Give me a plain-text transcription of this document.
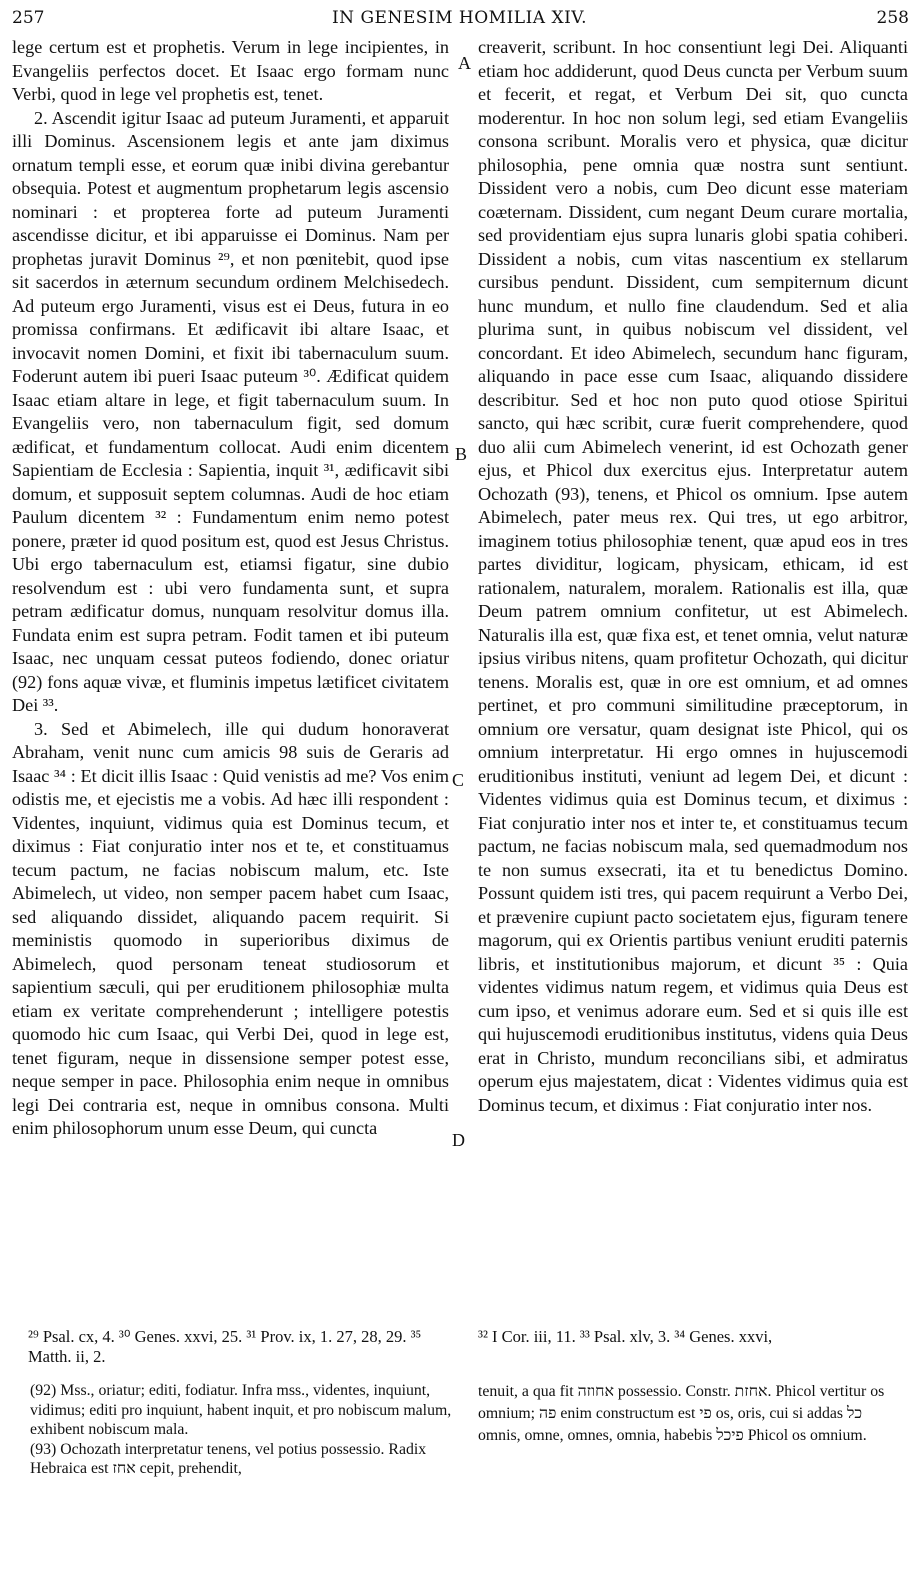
257	IN GENESIM HOMILIA XIV.	258

lege certum est et prophetis. Verum in lege incipientes, in Evangeliis perfectos docet. Et Isaac ergo formam nunc Verbi, quod in lege vel prophetis est, tenet.

2. Ascendit igitur Isaac ad puteum Juramenti, et apparuit illi Dominus. Ascensionem legis et ante jam diximus ornatum templi esse, et eorum quæ inibi divina gerebantur obsequia. Potest et augmentum prophetarum legis ascensio nominari : et propterea forte ad puteum Juramenti ascendisse dicitur, et ibi apparuisse ei Dominus. Nam per prophetas juravit Dominus ²⁹, et non pœnitebit, quod ipse sit sacerdos in æternum secundum ordinem Melchisedech. Ad puteum ergo Juramenti, visus est ei Deus, futura in eo promissa confirmans. Et ædificavit ibi altare Isaac, et invocavit nomen Domini, et fixit ibi tabernaculum suum. Foderunt autem ibi pueri Isaac puteum ³⁰. Ædificat quidem Isaac etiam altare in lege, et figit tabernaculum suum. In Evangeliis vero, non tabernaculum figit, sed domum ædificat, et fundamentum collocat. Audi enim dicentem Sapientiam de Ecclesia : Sapientia, inquit ³¹, ædificavit sibi domum, et supposuit septem columnas. Audi de hoc etiam Paulum dicentem ³² : Fundamentum enim nemo potest ponere, præter id quod positum est, quod est Jesus Christus. Ubi ergo tabernaculum est, etiamsi figatur, sine dubio resolvendum est : ubi vero fundamenta sunt, et supra petram ædificatur domus, nunquam resolvitur domus illa. Fundata enim est supra petram. Fodit tamen et ibi puteum Isaac, nec unquam cessat puteos fodiendo, donec oriatur (92) fons aquæ vivæ, et fluminis impetus lætificet civitatem Dei ³³.

3. Sed et Abimelech, ille qui dudum honoraverat Abraham, venit nunc cum amicis 98 suis de Geraris ad Isaac ³⁴ : Et dicit illis Isaac : Quid venistis ad me? Vos enim odistis me, et ejecistis me a vobis. Ad hæc illi respondent : Videntes, inquiunt, vidimus quia est Dominus tecum, et diximus : Fiat conjuratio inter nos et te, et constituamus tecum pactum, ne facias nobiscum malum, etc. Iste Abimelech, ut video, non semper pacem habet cum Isaac, sed aliquando dissidet, aliquando pacem requirit. Si meministis quomodo in superioribus diximus de Abimelech, quod personam teneat studiosorum et sapientium sæculi, qui per eruditionem philosophiæ multa etiam ex veritate comprehenderunt ; intelligere potestis quomodo hic cum Isaac, qui Verbi Dei, quod in lege est, tenet figuram, neque in dissensione semper potest esse, neque semper in pace. Philosophia enim neque in omnibus legi Dei contraria est, neque in omnibus consona. Multi enim philosophorum unum esse Deum, qui cuncta

A
B
C
D

creaverit, scribunt. In hoc consentiunt legi Dei. Aliquanti etiam hoc addiderunt, quod Deus cuncta per Verbum suum et fecerit, et regat, et Verbum Dei sit, quo cuncta moderentur. In hoc non solum legi, sed etiam Evangeliis consona scribunt. Moralis vero et physica, quæ dicitur philosophia, pene omnia quæ nostra sunt sentiunt. Dissident vero a nobis, cum Deo dicunt esse materiam coæternam. Dissident, cum negant Deum curare mortalia, sed providentiam ejus supra lunaris globi spatia cohiberi. Dissident a nobis, cum vitas nascentium ex stellarum cursibus pendunt. Dissident, cum sempiternum dicunt hunc mundum, et nullo fine claudendum. Sed et alia plurima sunt, in quibus nobiscum vel dissident, vel concordant. Et ideo Abimelech, secundum hanc figuram, aliquando in pace esse cum Isaac, aliquando dissidere describitur. Sed et hoc non puto quod otiose Spiritui sancto, qui hæc scribit, curæ fuerit comprehendere, quod duo alii cum Abimelech venerint, id est Ochozath gener ejus, et Phicol dux exercitus ejus. Interpretatur autem Ochozath (93), tenens, et Phicol os omnium. Ipse autem Abimelech, pater meus rex. Qui tres, ut ego arbitror, imaginem totius philosophiæ tenent, quæ apud eos in tres partes dividitur, logicam, physicam, ethicam, id est rationalem, naturalem, moralem. Rationalis est illa, quæ Deum patrem omnium confitetur, ut est Abimelech. Naturalis illa est, quæ fixa est, et tenet omnia, velut naturæ ipsius viribus nitens, quam profitetur Ochozath, qui dicitur tenens. Moralis est, quæ in ore est omnium, et ad omnes pertinet, et pro communi similitudine præceptorum, in omnium ore versatur, quam designat iste Phicol, qui os omnium interpretatur. Hi ergo omnes in hujuscemodi eruditionibus instituti, veniunt ad legem Dei, et dicunt : Videntes vidimus quia est Dominus tecum, et diximus : Fiat conjuratio inter nos et inter te, et constituamus tecum pactum, ne facias nobiscum mala, sed quemadmodum nos te non sumus exsecrati, ita et tu benedictus Domino. Possunt quidem isti tres, qui pacem requirunt a Verbo Dei, et prævenire cupiunt pacto societatem ejus, figuram tenere magorum, qui ex Orientis partibus veniunt eruditi paternis libris, et institutionibus majorum, et dicunt ³⁵ : Quia videntes vidimus natum regem, et vidimus quia Deus est cum ipso, et venimus adorare eum. Sed et si quis ille est qui hujuscemodi eruditionibus institutus, videns quia Deus erat in Christo, mundum reconcilians sibi, et admiratus operum ejus majestatem, dicat : Videntes vidimus quia est Dominus tecum, et diximus : Fiat conjuratio inter nos.

²⁹ Psal. cx, 4. ³⁰ Genes. xxvi, 25. ³¹ Prov. ix, 1. 27, 28, 29. ³⁵ Matth. ii, 2.
³² I Cor. iii, 11. ³³ Psal. xlv, 3. ³⁴ Genes. xxvi,

(92) Mss., oriatur; editi, fodiatur. Infra mss., videntes, inquiunt, vidimus; editi pro inquiunt, habent inquit, et pro nobiscum malum, exhibent nobiscum mala.

(93) Ochozath interpretatur tenens, vel potius possessio. Radix Hebraica est אחז cepit, prehendit,

tenuit, a qua fit אחוזה possessio. Constr. אחזת. Phicol vertitur os omnium; פה enim constructum est פי os, oris, cui si addas כל omnis, omne, omnes, omnia, habebis פיכל Phicol os omnium.
